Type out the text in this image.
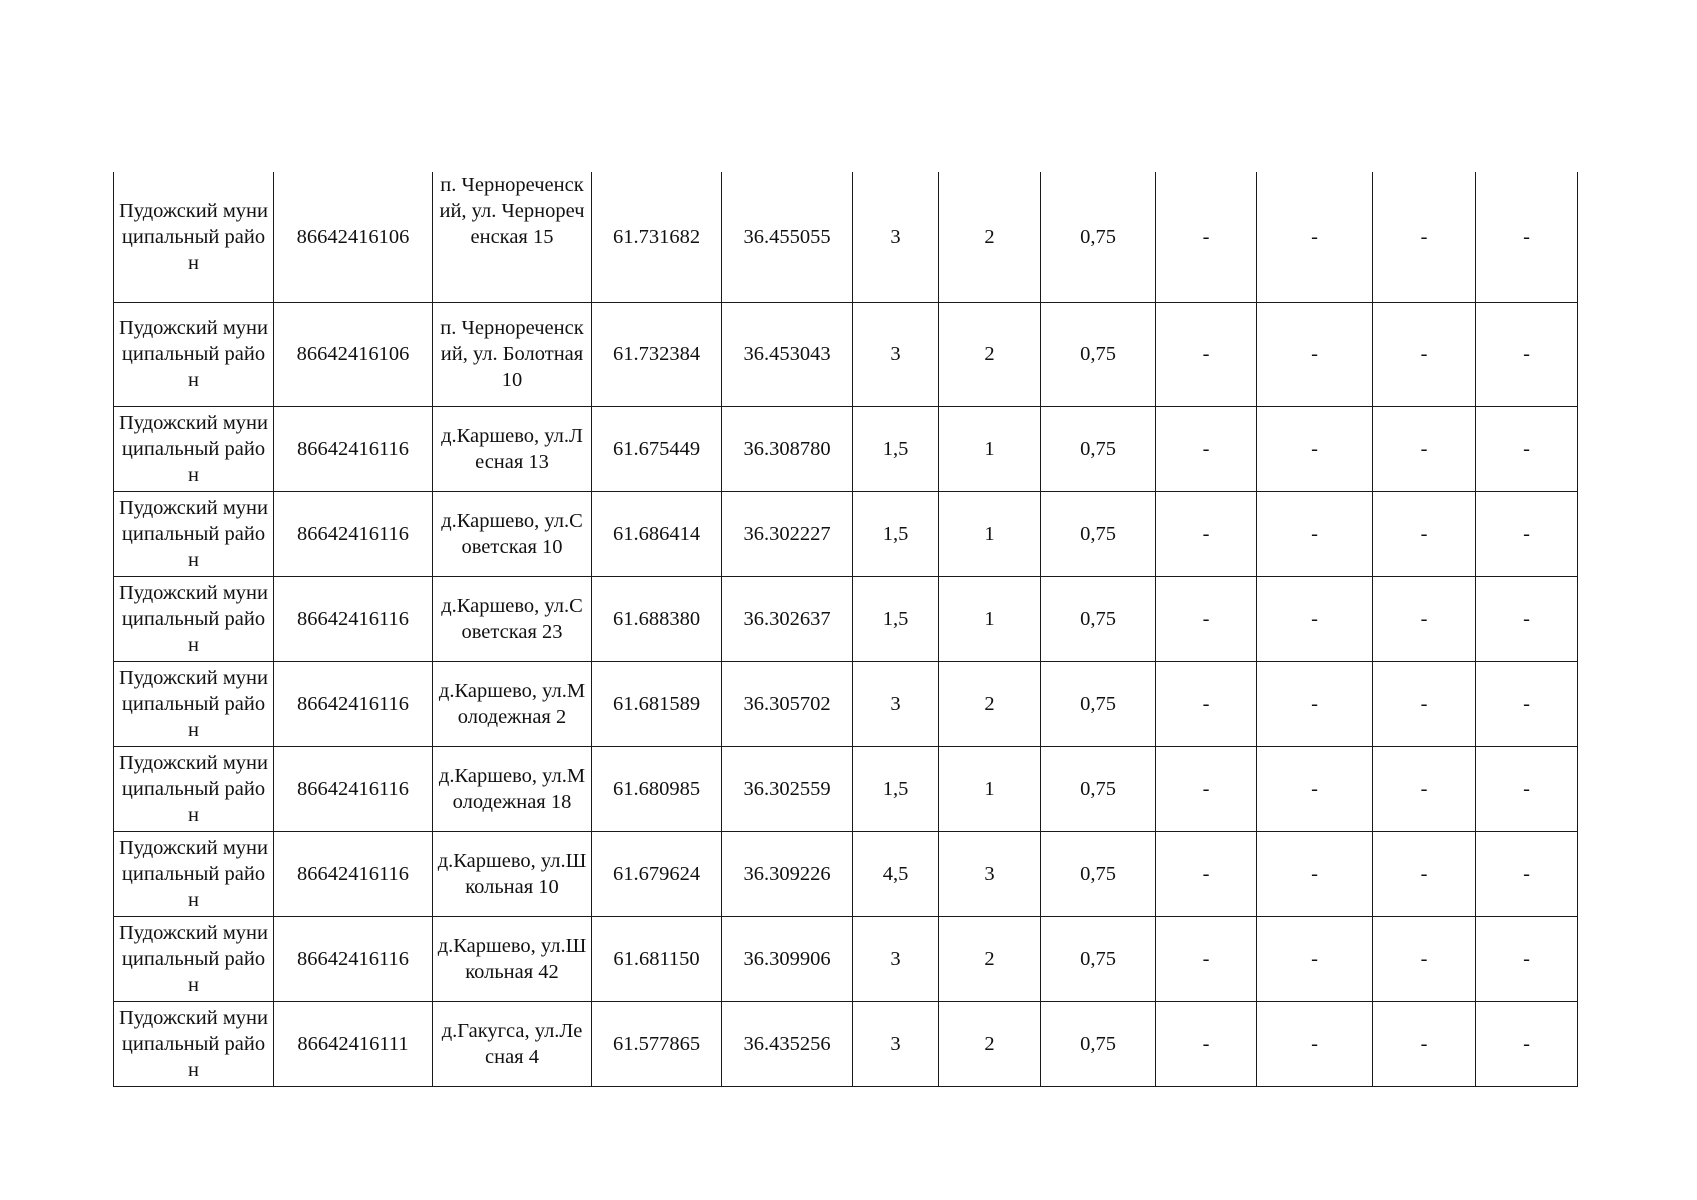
Пудожский муниципальный район	86642416106	п. Чернореченский, ул. Чернореченская 15	61.731682	36.455055	3	2	0,75	-	-	-	-
Пудожский муниципальный район	86642416106	п. Чернореченский, ул. Болотная 10	61.732384	36.453043	3	2	0,75	-	-	-	-
Пудожский муниципальный район	86642416116	д.Каршево, ул.Лесная 13	61.675449	36.308780	1,5	1	0,75	-	-	-	-
Пудожский муниципальный район	86642416116	д.Каршево, ул.Советская 10	61.686414	36.302227	1,5	1	0,75	-	-	-	-
Пудожский муниципальный район	86642416116	д.Каршево, ул.Советская 23	61.688380	36.302637	1,5	1	0,75	-	-	-	-
Пудожский муниципальный район	86642416116	д.Каршево, ул.Молодежная 2	61.681589	36.305702	3	2	0,75	-	-	-	-
Пудожский муниципальный район	86642416116	д.Каршево, ул.Молодежная 18	61.680985	36.302559	1,5	1	0,75	-	-	-	-
Пудожский муниципальный район	86642416116	д.Каршево, ул.Школьная 10	61.679624	36.309226	4,5	3	0,75	-	-	-	-
Пудожский муниципальный район	86642416116	д.Каршево, ул.Школьная 42	61.681150	36.309906	3	2	0,75	-	-	-	-
Пудожский муниципальный район	86642416111	д.Гакугса, ул.Лесная 4	61.577865	36.435256	3	2	0,75	-	-	-	-
